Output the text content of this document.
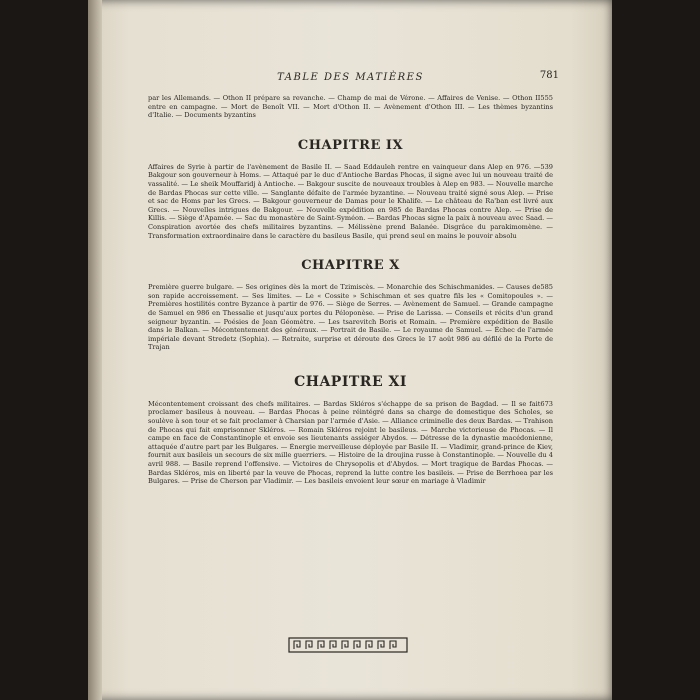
TABLE DES MATIÈRES	781

555
par les Allemands. — Othon II prépare sa revanche. — Champ de mai de Vérone. — Affaires de Venise. — Othon II entre en campagne. — Mort de Benoît VII. — Mort d'Othon II. — Avènement d'Othon III. — Les thèmes byzantins d'Italie. — Documents byzantins

CHAPITRE IX

539
Affaires de Syrie à partir de l'avènement de Basile II. — Saad Eddauleh rentre en vainqueur dans Alep en 976. — Bakgour son gouverneur à Homs. — Attaqué par le duc d'Antioche Bardas Phocas, il signe avec lui un nouveau traité de vassalité. — Le sheik Mouffaridj à Antioche. — Bakgour suscite de nouveaux troubles à Alep en 983. — Nouvelle marche de Bardas Phocas sur cette ville. — Sanglante défaite de l'armée byzantine. — Nouveau traité signé sous Alep. — Prise et sac de Homs par les Grecs. — Bakgour gouverneur de Damas pour le Khalife. — Le château de Ra'ban est livré aux Grecs. — Nouvelles intrigues de Bakgour. — Nouvelle expédition en 985 de Bardas Phocas contre Alep. — Prise de Killis. — Siège d'Apamée. — Sac du monastère de Saint-Syméon. — Bardas Phocas signe la paix à nouveau avec Saad. — Conspiration avortée des chefs militaires byzantins. — Mélissène prend Balanée. Disgrâce du parakimomène. — Transformation extraordinaire dans le caractère du basileus Basile, qui prend seul en mains le pouvoir absolu

CHAPITRE X

585
Première guerre bulgare. — Ses origines dès la mort de Tzimiscès. — Monarchie des Schischmanides. — Causes de son rapide accroissement. — Ses limites. — Le « Cossite » Schischman et ses quatre fils les « Comitopoules ». — Premières hostilités contre Byzance à partir de 976. — Siège de Serres. — Avènement de Samuel. — Grande campagne de Samuel en 986 en Thessalie et jusqu'aux portes du Péloponèse. — Prise de Larissa. — Conseils et récits d'un grand seigneur byzantin. — Poésies de Jean Géomètre. — Les tsarevitch Boris et Romain. — Première expédition de Basile dans le Balkan. — Mécontentement des généraux. — Portrait de Basile. — Le royaume de Samuel. — Échec de l'armée impériale devant Stredetz (Sophia). — Retraite, surprise et déroute des Grecs le 17 août 986 au défilé de la Porte de Trajan

CHAPITRE XI

673
Mécontentement croissant des chefs militaires. — Bardas Skléros s'échappe de sa prison de Bagdad. — Il se fait proclamer basileus à nouveau. — Bardas Phocas à peine réintégré dans sa charge de domestique des Scholes, se soulève à son tour et se fait proclamer à Charsian par l'armée d'Asie. — Alliance criminelle des deux Bardas. — Trahison de Phocas qui fait emprisonner Skléros. — Romain Skléros rejoint le basileus. — Marche victorieuse de Phocas. — Il campe en face de Constantinople et envoie ses lieutenants assiéger Abydos. — Détresse de la dynastie macédonienne, attaquée d'autre part par les Bulgares. — Énergie merveilleuse déployée par Basile II. — Vladimir, grand-prince de Kiev, fournit aux basileis un secours de six mille guerriers. — Histoire de la droujina russe à Constantinople. — Nouvelle du 4 avril 988. — Basile reprend l'offensive. — Victoires de Chrysopolis et d'Abydos. — Mort tragique de Bardas Phocas. — Bardas Skléros, mis en liberté par la veuve de Phocas, reprend la lutte contre les basileis. — Prise de Berrhoea par les Bulgares. — Prise de Cherson par Vladimir. — Les basileis envoient leur sœur en mariage à Vladimir
